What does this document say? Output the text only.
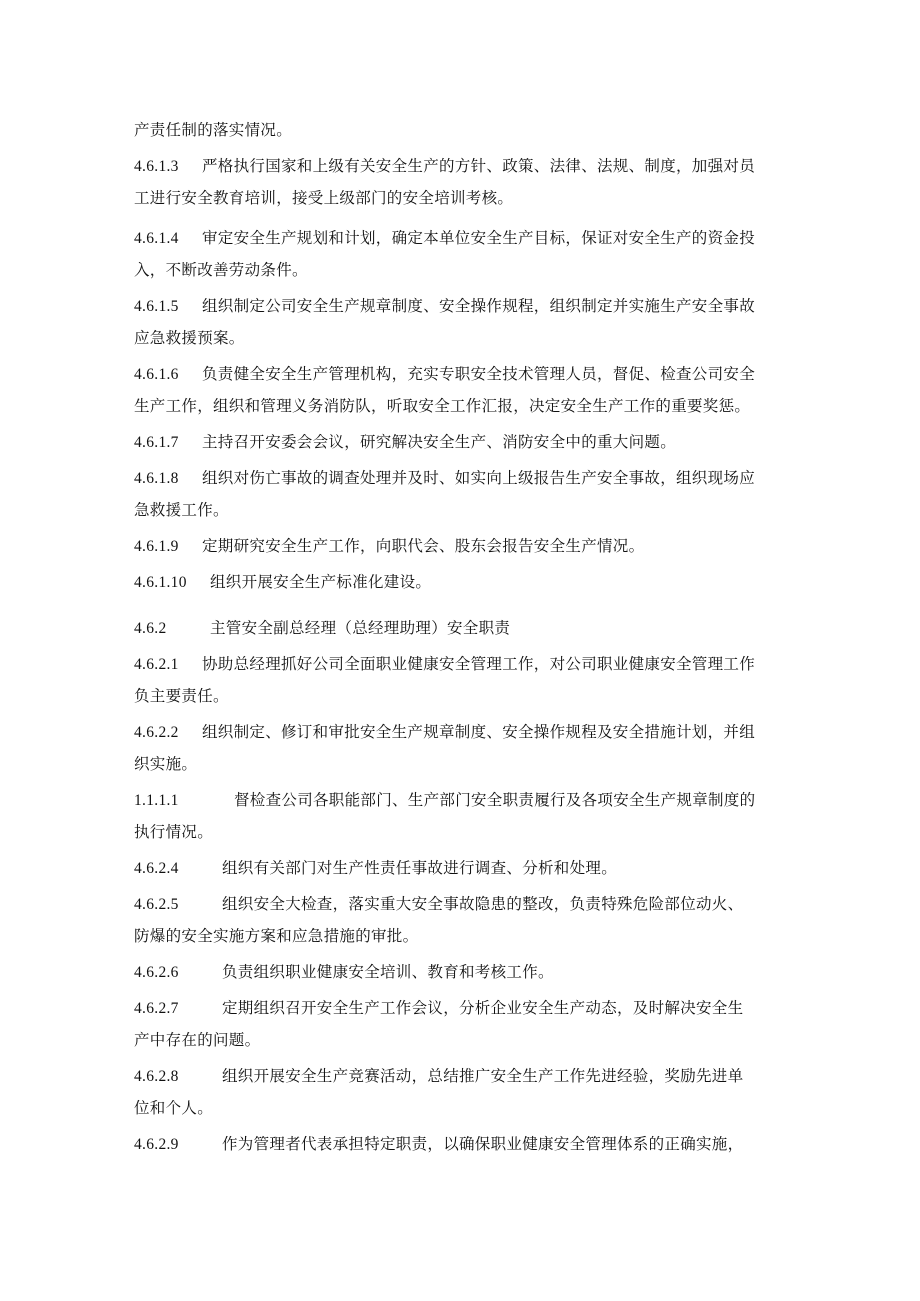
产责任制的落实情况。
4.6.1.3 严格执行国家和上级有关安全生产的方针、政策、法律、法规、制度，加强对员
工进行安全教育培训，接受上级部门的安全培训考核。
4.6.1.4 审定安全生产规划和计划，确定本单位安全生产目标，保证对安全生产的资金投
入，不断改善劳动条件。
4.6.1.5 组织制定公司安全生产规章制度、安全操作规程，组织制定并实施生产安全事故
应急救援预案。
4.6.1.6 负责健全安全生产管理机构，充实专职安全技术管理人员，督促、检查公司安全
生产工作，组织和管理义务消防队，听取安全工作汇报，决定安全生产工作的重要奖惩。
4.6.1.7 主持召开安委会会议，研究解决安全生产、消防安全中的重大问题。
4.6.1.8 组织对伤亡事故的调查处理并及时、如实向上级报告生产安全事故，组织现场应
急救援工作。
4.6.1.9 定期研究安全生产工作，向职代会、股东会报告安全生产情况。
4.6.1.10 组织开展安全生产标准化建设。
4.6.2	主管安全副总经理（总经理助理）安全职责
4.6.2.1 协助总经理抓好公司全面职业健康安全管理工作，对公司职业健康安全管理工作
负主要责任。
4.6.2.2 组织制定、修订和审批安全生产规章制度、安全操作规程及安全措施计划，并组
织实施。
1.1.1.1	督检查公司各职能部门、生产部门安全职责履行及各项安全生产规章制度的
执行情况。
4.6.2.4	组织有关部门对生产性责任事故进行调查、分析和处理。
4.6.2.5	组织安全大检查，落实重大安全事故隐患的整改，负责特殊危险部位动火、
防爆的安全实施方案和应急措施的审批。
4.6.2.6	负责组织职业健康安全培训、教育和考核工作。
4.6.2.7	定期组织召开安全生产工作会议，分析企业安全生产动态，及时解决安全生
产中存在的问题。
4.6.2.8	组织开展安全生产竞赛活动，总结推广安全生产工作先进经验，奖励先进单
位和个人。
4.6.2.9	作为管理者代表承担特定职责，以确保职业健康安全管理体系的正确实施，
